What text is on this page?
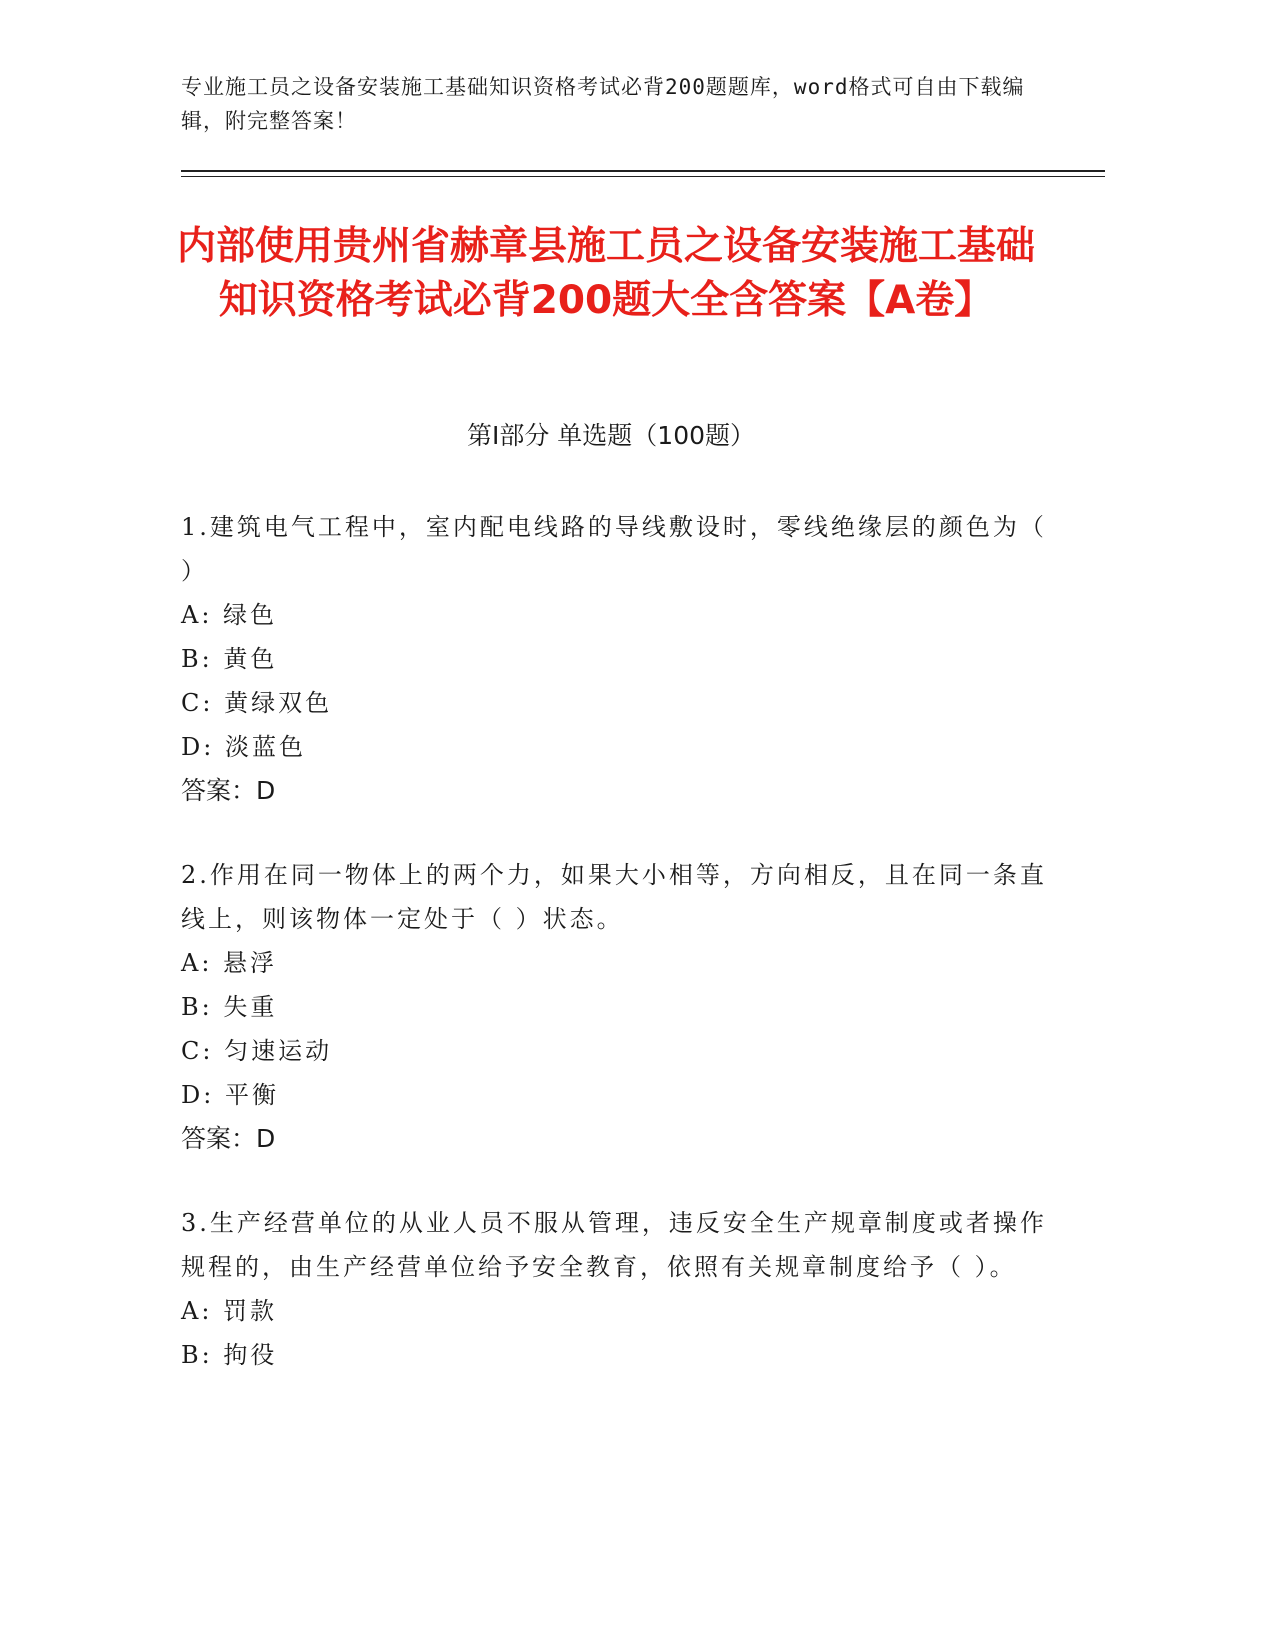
专业施工员之设备安装施工基础知识资格考试必背200题题库，word格式可自由下载编辑，附完整答案！
内部使用贵州省赫章县施工员之设备安装施工基础知识资格考试必背200题大全含答案【A卷】
第I部分 单选题（100题）

1.建筑电气工程中，室内配电线路的导线敷设时，零线绝缘层的颜色为（ ）

A: 绿色

B: 黄色

C: 黄绿双色

D: 淡蓝色

答案：D

2.作用在同一物体上的两个力，如果大小相等，方向相反，且在同一条直线上，则该物体一定处于（ ）状态。

A: 悬浮

B: 失重

C: 匀速运动

D: 平衡

答案：D

3.生产经营单位的从业人员不服从管理，违反安全生产规章制度或者操作规程的，由生产经营单位给予安全教育，依照有关规章制度给予（ ）。

A: 罚款

B: 拘役
